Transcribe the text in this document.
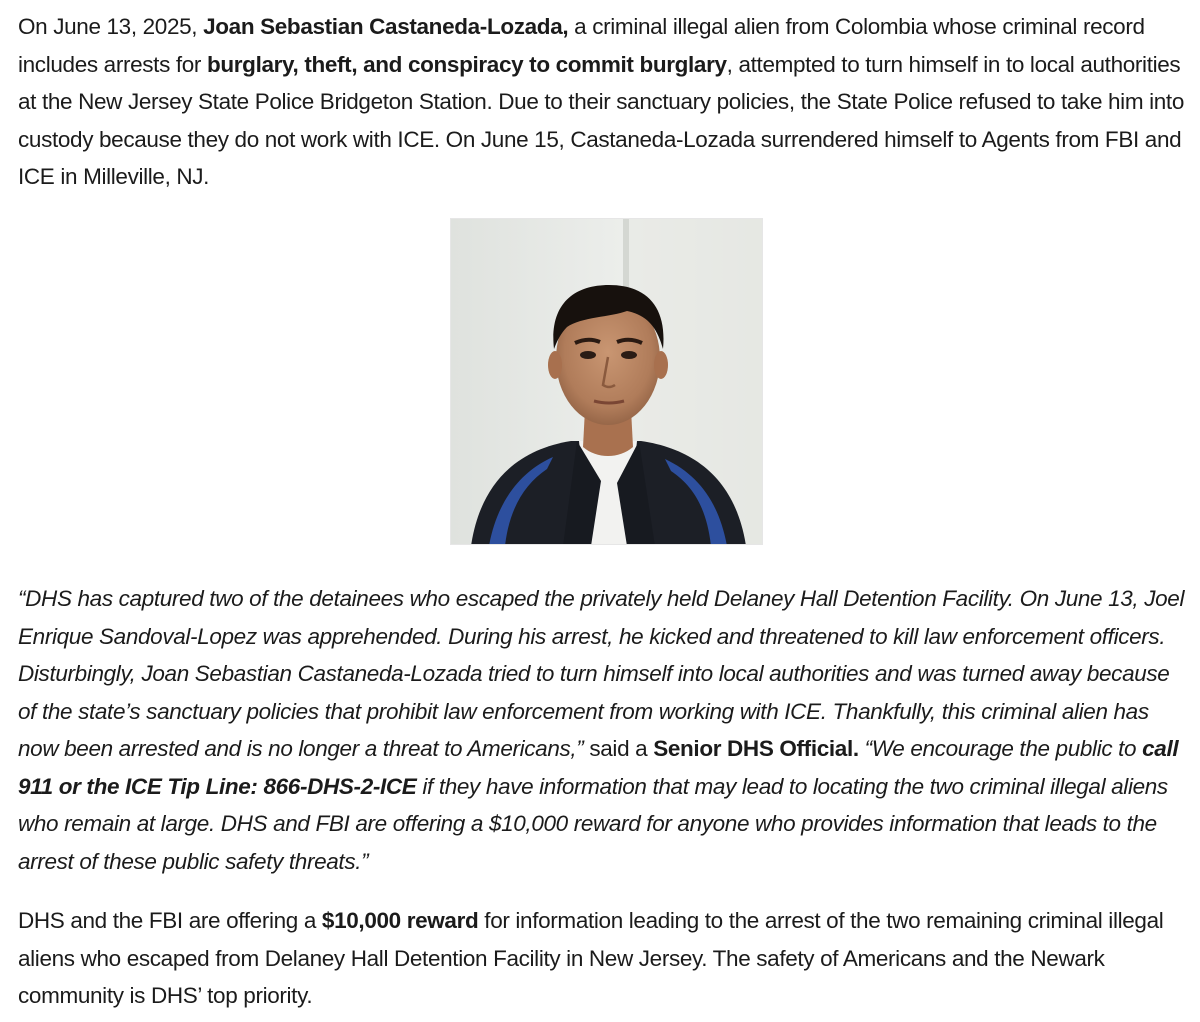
On June 13, 2025, Joan Sebastian Castaneda-Lozada, a criminal illegal alien from Colombia whose criminal record includes arrests for burglary, theft, and conspiracy to commit burglary, attempted to turn himself in to local authorities at the New Jersey State Police Bridgeton Station. Due to their sanctuary policies, the State Police refused to take him into custody because they do not work with ICE. On June 15, Castaneda-Lozada surrendered himself to Agents from FBI and ICE in Milleville, NJ.

“DHS has captured two of the detainees who escaped the privately held Delaney Hall Detention Facility. On June 13, Joel Enrique Sandoval-Lopez was apprehended. During his arrest, he kicked and threatened to kill law enforcement officers. Disturbingly, Joan Sebastian Castaneda-Lozada tried to turn himself into local authorities and was turned away because of the state’s sanctuary policies that prohibit law enforcement from working with ICE. Thankfully, this criminal alien has now been arrested and is no longer a threat to Americans,” said a Senior DHS Official. “We encourage the public to call 911 or the ICE Tip Line: 866-DHS-2-ICE if they have information that may lead to locating the two criminal illegal aliens who remain at large. DHS and FBI are offering a $10,000 reward for anyone who provides information that leads to the arrest of these public safety threats.”

DHS and the FBI are offering a $10,000 reward for information leading to the arrest of the two remaining criminal illegal aliens who escaped from Delaney Hall Detention Facility in New Jersey. The safety of Americans and the Newark community is DHS’ top priority.
